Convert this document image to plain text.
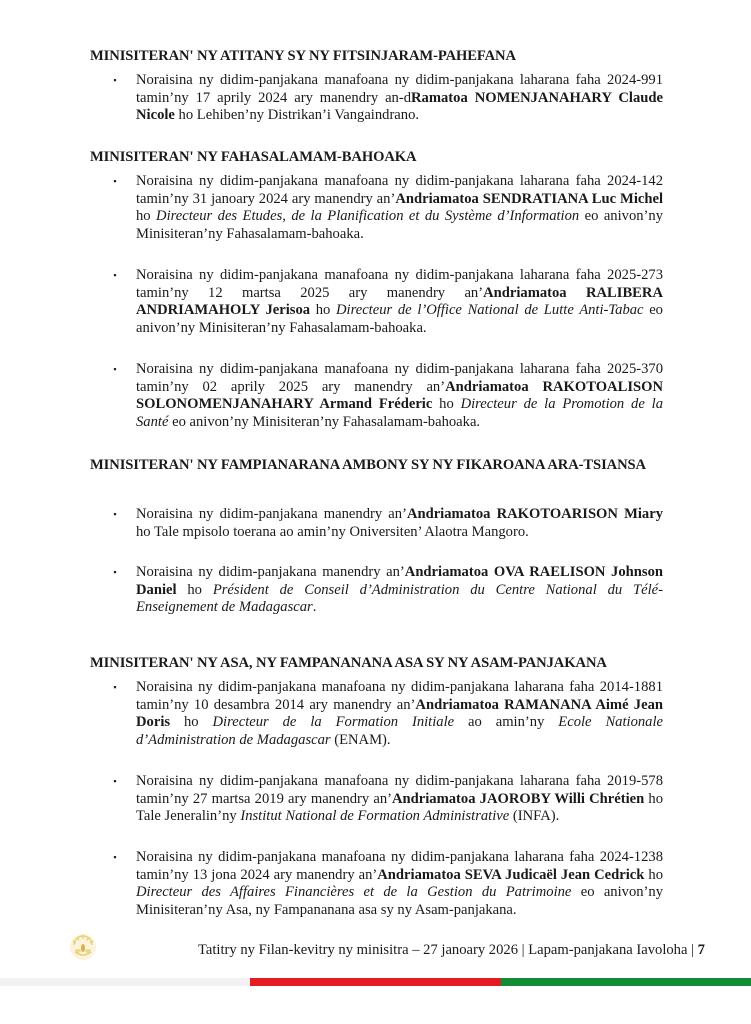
MINISITERAN' NY ATITANY SY NY FITSINJARAM-PAHEFANA
▪	Noraisina ny didim-panjakana manafoana ny didim-panjakana laharana faha 2024-991 tamin’ny 17 aprily 2024 ary manendry an-dRamatoa NOMENJANAHARY Claude Nicole ho Lehiben’ny Distrikan’i Vangaindrano.
MINISITERAN' NY FAHASALAMAM-BAHOAKA
▪	Noraisina ny didim-panjakana manafoana ny didim-panjakana laharana faha 2024-142 tamin’ny 31 janoary 2024 ary manendry an’Andriamatoa SENDRATIANA Luc Michel ho Directeur des Etudes, de la Planification et du Système d’Information eo anivon’ny Minisiteran’ny Fahasalamam-bahoaka.
▪	Noraisina ny didim-panjakana manafoana ny didim-panjakana laharana faha 2025-273 tamin’ny 12 martsa 2025 ary manendry an’Andriamatoa RALIBERA ANDRIAMAHOLY Jerisoa ho Directeur de l’Office National de Lutte Anti-Tabac eo anivon’ny Minisiteran’ny Fahasalamam-bahoaka.
▪	Noraisina ny didim-panjakana manafoana ny didim-panjakana laharana faha 2025-370 tamin’ny 02 aprily 2025 ary manendry an’Andriamatoa RAKOTOALISON SOLONOMENJANAHARY Armand Fréderic ho Directeur de la Promotion de la Santé eo anivon’ny Minisiteran’ny Fahasalamam-bahoaka.
MINISITERAN' NY FAMPIANARANA AMBONY SY NY FIKAROANA ARA-TSIANSA
▪	Noraisina ny didim-panjakana manendry an’Andriamatoa RAKOTOARISON Miary ho Tale mpisolo toerana ao amin’ny Oniversiten’ Alaotra Mangoro.
▪	Noraisina ny didim-panjakana manendry an’Andriamatoa OVA RAELISON Johnson Daniel ho Président de Conseil d’Administration du Centre National du Télé-Enseignement de Madagascar.
MINISITERAN' NY ASA, NY FAMPANANANA ASA SY NY ASAM-PANJAKANA
▪	Noraisina ny didim-panjakana manafoana ny didim-panjakana laharana faha 2014-1881 tamin’ny 10 desambra 2014 ary manendry an’Andriamatoa RAMANANA Aimé Jean Doris ho Directeur de la Formation Initiale ao amin’ny Ecole Nationale d’Administration de Madagascar (ENAM).
▪	Noraisina ny didim-panjakana manafoana ny didim-panjakana laharana faha 2019-578 tamin’ny 27 martsa 2019 ary manendry an’Andriamatoa JAOROBY Willi Chrétien ho Tale Jeneralin’ny Institut National de Formation Administrative (INFA).
▪	Noraisina ny didim-panjakana manafoana ny didim-panjakana laharana faha 2024-1238 tamin’ny 13 jona 2024 ary manendry an’Andriamatoa SEVA Judicaël Jean Cedrick ho Directeur des Affaires Financières et de la Gestion du Patrimoine eo anivon’ny Minisiteran’ny Asa, ny Fampananana asa sy ny Asam-panjakana.
Tatitry ny Filan-kevitry ny minisitra – 27 janoary 2026 | Lapam-panjakana Iavoloha | 7
